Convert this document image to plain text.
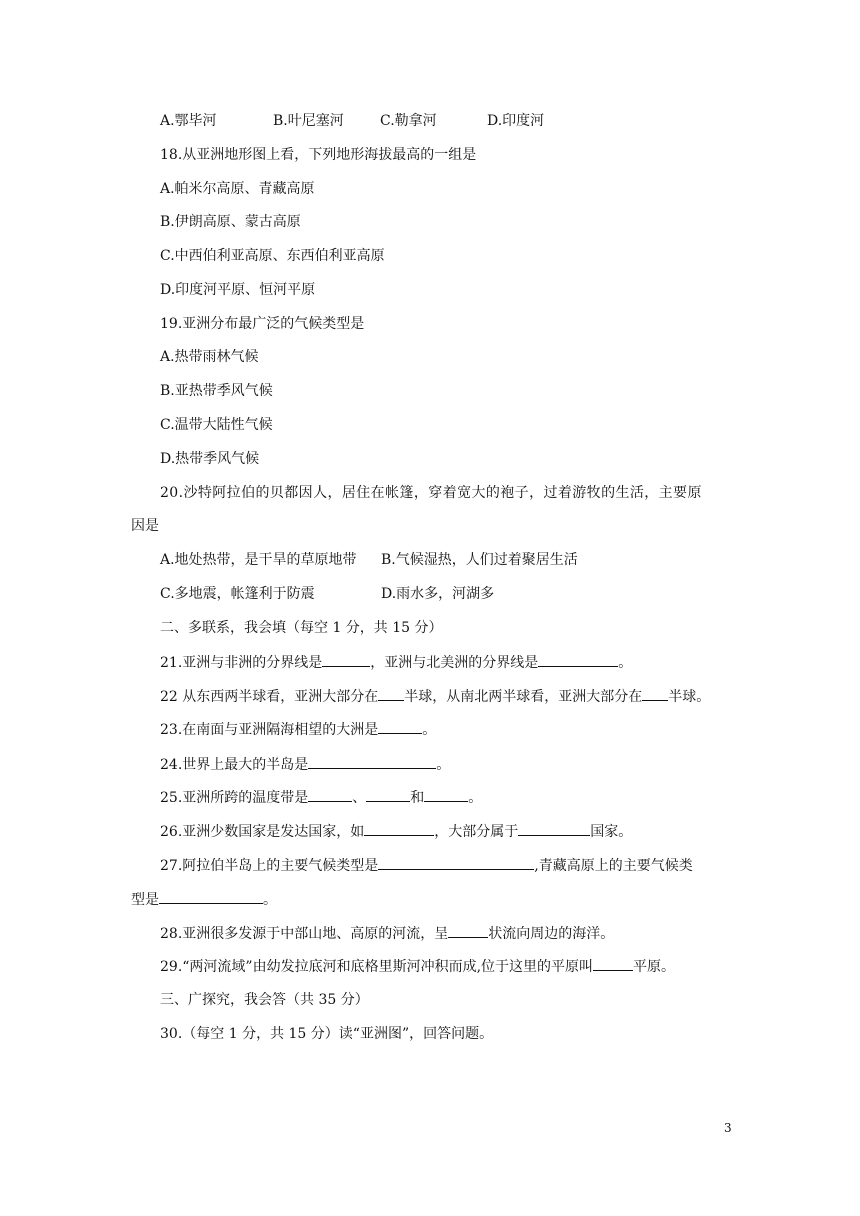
A.鄂毕河	B.叶尼塞河	C.勒拿河	D.印度河
18.从亚洲地形图上看，下列地形海拔最高的一组是
A.帕米尔高原、青藏高原
B.伊朗高原、蒙古高原
C.中西伯利亚高原、东西伯利亚高原
D.印度河平原、恒河平原
19.亚洲分布最广泛的气候类型是
A.热带雨林气候
B.亚热带季风气候
C.温带大陆性气候
D.热带季风气候
20.沙特阿拉伯的贝都因人，居住在帐篷，穿着宽大的袍子，过着游牧的生活，主要原
因是
A.地处热带，是干旱的草原地带 B.气候湿热，人们过着聚居生活
C.多地震，帐篷利于防震	D.雨水多，河湖多
二、多联系，我会填（每空 1 分，共 15 分）
21.亚洲与非洲的分界线是	，亚洲与北美洲的分界线是	。
22 从东西两半球看，亚洲大部分在 半球，从南北两半球看，亚洲大部分在 半球。
23.在南面与亚洲隔海相望的大洲是	。
24.世界上最大的半岛是	。
25.亚洲所跨的温度带是	、	和	。
26.亚洲少数国家是发达国家，如	，大部分属于	国家。
27.阿拉伯半岛上的主要气候类型是	,青藏高原上的主要气候类
型是	。
28.亚洲很多发源于中部山地、高原的河流，呈	状流向周边的海洋。
29.“两河流域”由幼发拉底河和底格里斯河冲积而成,位于这里的平原叫	平原。
三、广探究，我会答（共 35 分）
30.（每空 1 分，共 15 分）读“亚洲图”，回答问题。
3
